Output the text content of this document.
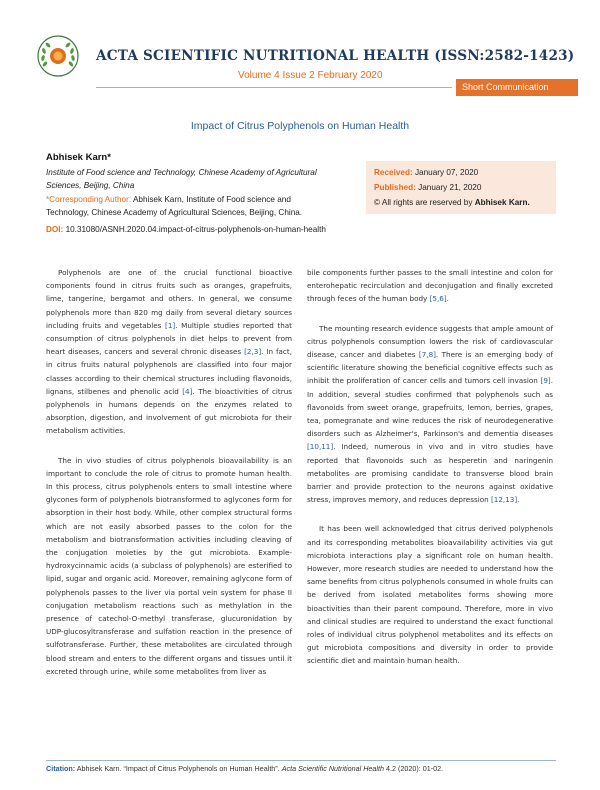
ACTA SCIENTIFIC NUTRITIONAL HEALTH (ISSN:2582-1423)
Volume 4 Issue 2 February 2020
Short Communication
Impact of Citrus Polyphenols on Human Health
Abhisek Karn*
Institute of Food science and Technology, Chinese Academy of Agricultural Sciences, Beijing, China
*Corresponding Author: Abhisek Karn, Institute of Food science and Technology, Chinese Academy of Agricultural Sciences, Beijing, China.
DOI: 10.31080/ASNH.2020.04.impact-of-citrus-polyphenols-on-human-health
Received: January 07, 2020
Published: January 21, 2020
© All rights are reserved by Abhisek Karn.

Polyphenols are one of the crucial functional bioactive components found in citrus fruits such as oranges, grapefruits, lime, tangerine, bergamot and others. In general, we consume polyphenols more than 820 mg daily from several dietary sources including fruits and vegetables [1]. Multiple studies reported that consumption of citrus polyphenols in diet helps to prevent from heart diseases, cancers and several chronic diseases [2,3]. In fact, in citrus fruits natural polyphenols are classified into four major classes according to their chemical structures including flavonoids, lignans, stilbenes and phenolic acid [4]. The bioactivities of citrus polyphenols in humans depends on the enzymes related to absorption, digestion, and involvement of gut microbiota for their metabolism activities.

The in vivo studies of citrus polyphenols bioavailability is an important to conclude the role of citrus to promote human health. In this process, citrus polyphenols enters to small intestine where glycones form of polyphenols biotransformed to aglycones form for absorption in their host body. While, other complex structural forms which are not easily absorbed passes to the colon for the metabolism and biotransformation activities including cleaving of the conjugation moieties by the gut microbiota. Example- hydroxycinnamic acids (a subclass of polyphenols) are esterified to lipid, sugar and organic acid. Moreover, remaining aglycone form of polyphenols passes to the liver via portal vein system for phase II conjugation metabolism reactions such as methylation in the presence of catechol-O-methyl transferase, glucuronidation by UDP-glucosyltransferase and sulfation reaction in the presence of sulfotransferase. Further, these metabolites are circulated through blood stream and enters to the different organs and tissues until it excreted through urine, while some metabolites from liver as

bile components further passes to the small intestine and colon for enterohepatic recirculation and deconjugation and finally excreted through feces of the human body [5,6].

The mounting research evidence suggests that ample amount of citrus polyphenols consumption lowers the risk of cardiovascular disease, cancer and diabetes [7,8]. There is an emerging body of scientific literature showing the beneficial cognitive effects such as inhibit the proliferation of cancer cells and tumors cell invasion [9]. In addition, several studies confirmed that polyphenols such as flavonoids from sweet orange, grapefruits, lemon, berries, grapes, tea, pomegranate and wine reduces the risk of neurodegenerative disorders such as Alzheimer's, Parkinson's and dementia diseases [10,11]. Indeed, numerous in vivo and in vitro studies have reported that flavonoids such as hesperetin and naringenin metabolites are promising candidate to transverse blood brain barrier and provide protection to the neurons against oxidative stress, improves memory, and reduces depression [12,13].

It has been well acknowledged that citrus derived polyphenols and its corresponding metabolites bioavailability activities via gut microbiota interactions play a significant role on human health. However, more research studies are needed to understand how the same benefits from citrus polyphenols consumed in whole fruits can be derived from isolated metabolites forms showing more bioactivities than their parent compound. Therefore, more in vivo and clinical studies are required to understand the exact functional roles of individual citrus polyphenol metabolites and its effects on gut microbiota compositions and diversity in order to provide scientific diet and maintain human health.

Citation: Abhisek Karn. “Impact of Citrus Polyphenols on Human Health”. Acta Scientific Nutritional Health 4.2 (2020): 01-02.
